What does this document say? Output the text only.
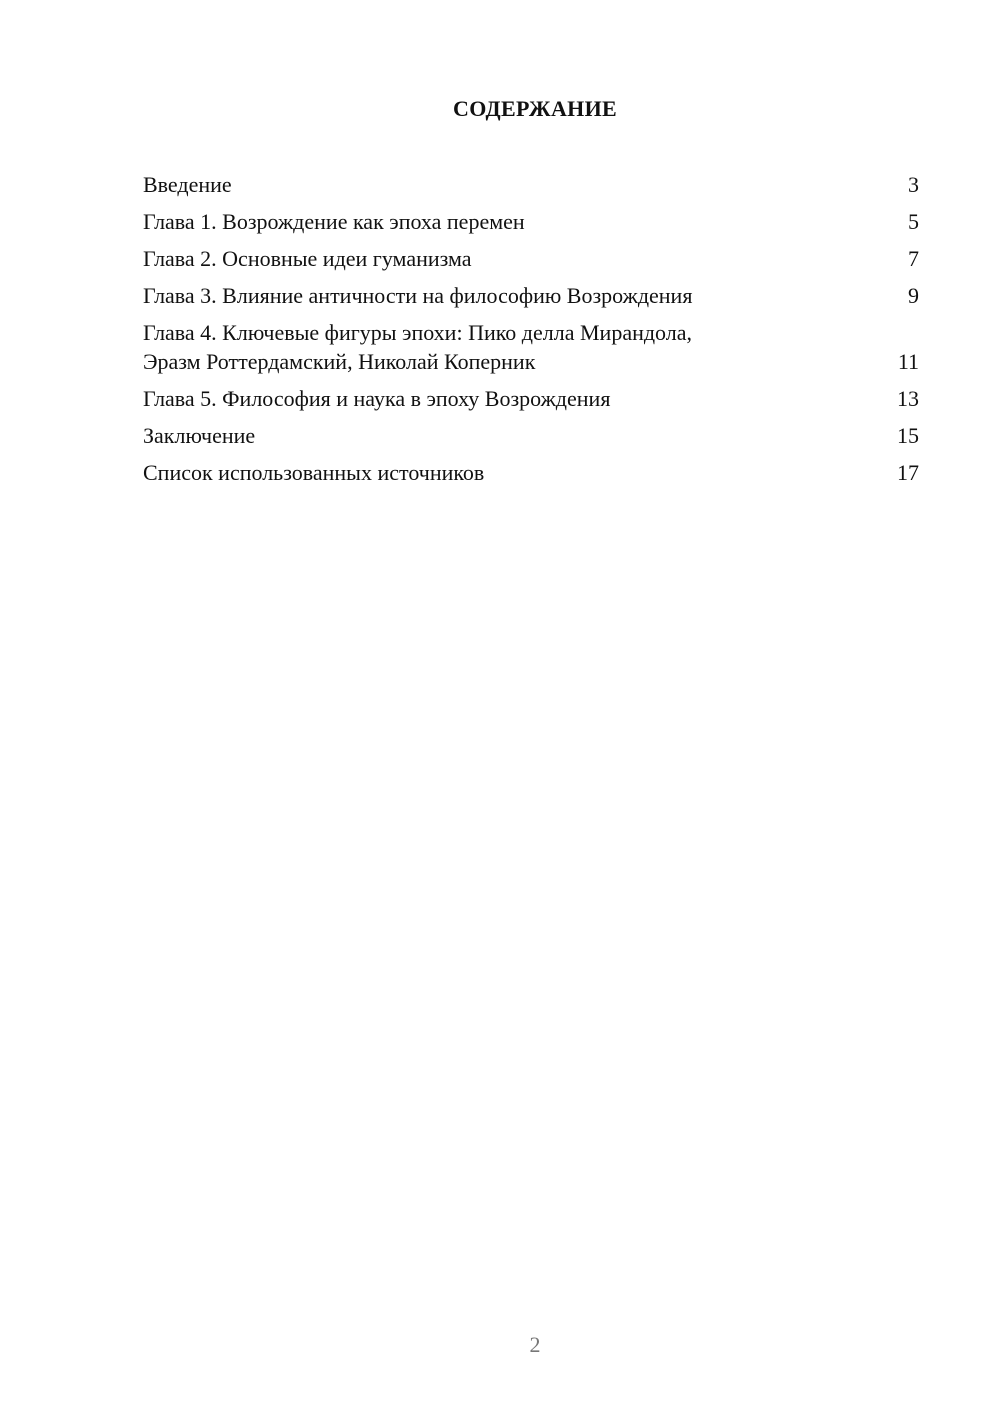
СОДЕРЖАНИЕ
Введение	3
Глава 1. Возрождение как эпоха перемен	5
Глава 2. Основные идеи гуманизма	7
Глава 3. Влияние античности на философию Возрождения	9
Глава 4. Ключевые фигуры эпохи: Пико делла Мирандола,
Эразм Роттердамский, Николай Коперник	11
Глава 5. Философия и наука в эпоху Возрождения	13
Заключение	15
Список использованных источников	17
2
